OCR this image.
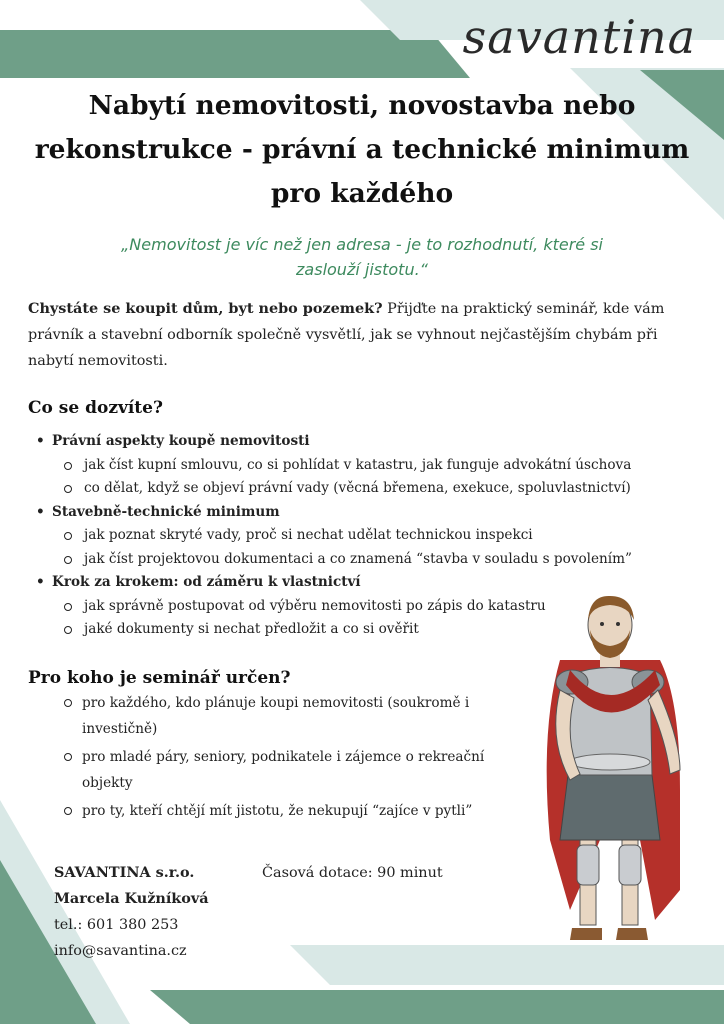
savantina
Nabytí nemovitosti, novostavba nebo
rekonstrukce - právní a technické minimum
pro každého
„Nemovitost je víc než jen adresa - je to rozhodnutí, které si
zaslouží jistotu.“
Chystáte se koupit dům, byt nebo pozemek? Přijďte na praktický seminář, kde vám
právník a stavební odborník společně vysvětlí, jak se vyhnout nejčastějším chybám při
nabytí nemovitosti.
Co se dozvíte?
• Právní aspekty koupě nemovitosti
jak číst kupní smlouvu, co si pohlídat v katastru, jak funguje advokátní úschova
co dělat, když se objeví právní vady (věcná břemena, exekuce, spoluvlastnictví)
• Stavebně-technické minimum
jak poznat skryté vady, proč si nechat udělat technickou inspekci
jak číst projektovou dokumentaci a co znamená “stavba v souladu s povolením”
• Krok za krokem: od záměru k vlastnictví
jak správně postupovat od výběru nemovitosti po zápis do katastru
jaké dokumenty si nechat předložit a co si ověřit
Pro koho je seminář určen?
pro každého, kdo plánuje koupi nemovitosti (soukromě i
investičně)
pro mladé páry, seniory, podnikatele i zájemce o rekreační
objekty
pro ty, kteří chtějí mít jistotu, že nekupují “zajíce v pytli”
SAVANTINA s.r.o.
Marcela Kužníková
tel.: 601 380 253
info@savantina.cz
Časová dotace: 90 minut
